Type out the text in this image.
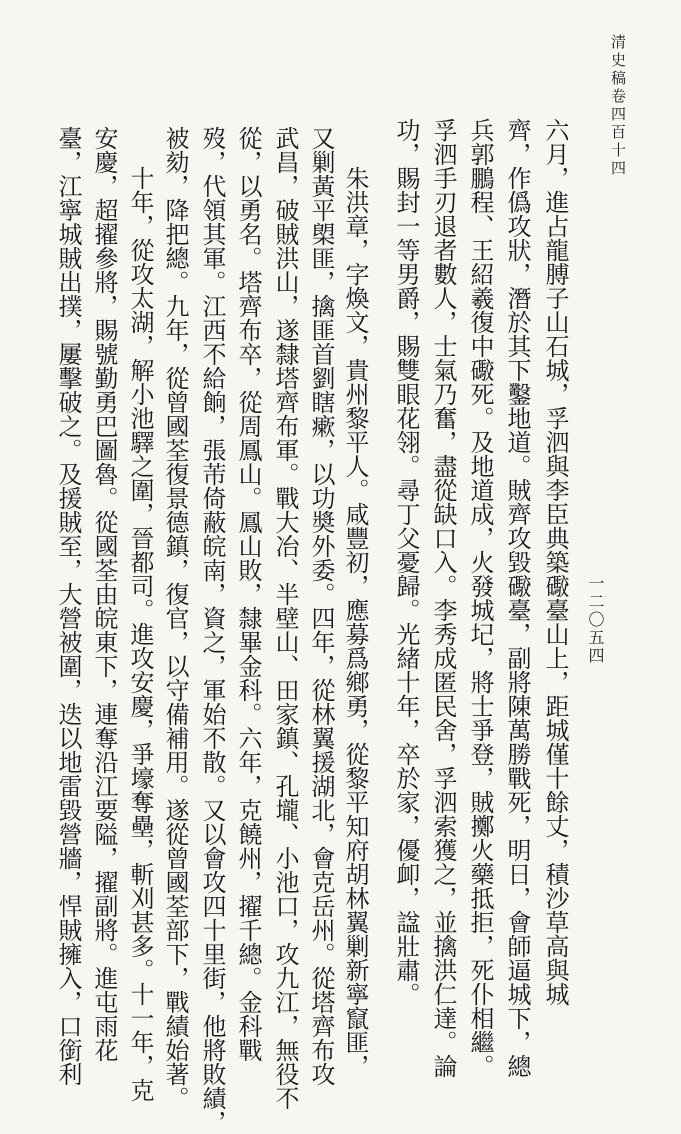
清史稿卷四百十四
一二〇五四
六月，進占龍膊子山石城，孚泗與李臣典築礮臺山上，距城僅十餘丈，積沙草高與城
齊，作僞攻狀，潛於其下鑿地道。賊齊攻毀礮臺，副將陳萬勝戰死，明日，會師逼城下，總
兵郭鵬程、王紹羲復中礮死。及地道成，火發城圮，將士爭登，賊擲火藥抵拒，死仆相繼。
孚泗手刃退者數人，士氣乃奮，盡從缺口入。李秀成匿民舍，孚泗索獲之，並擒洪仁達。論
功，賜封一等男爵，賜雙眼花翎。尋丁父憂歸。光緒十年，卒於家，優卹，諡壯肅。
朱洪章，字煥文，貴州黎平人。咸豐初，應募爲鄉勇，從黎平知府胡林翼剿新寧竄匪，
又剿黃平㮾匪，擒匪首劉瞎瘶，以功奬外委。四年，從林翼援湖北，會克岳州。從塔齊布攻
武昌，破賊洪山，遂隸塔齊布軍。戰大冶、半壁山、田家鎮、孔壠、小池口，攻九江，無役不
從，以勇名。塔齊布卒，從周鳳山。鳳山敗，隸畢金科。六年，克饒州，擢千總。金科戰
歿，代領其軍。江西不給餉，張芾倚蔽皖南，資之，軍始不散。又以會攻四十里街，他將敗績，
被劾，降把總。九年，從曾國荃復景德鎮，復官，以守備補用。遂從曾國荃部下，戰績始著。
十年，從攻太湖，解小池驛之圍，晉都司。進攻安慶，爭壕奪壘，斬刈甚多。十一年，克
安慶，超擢參將，賜號勤勇巴圖魯。從國荃由皖東下，連奪沿江要隘，擢副將。進屯雨花
臺，江寧城賊出撲，屢擊破之。及援賊至，大營被圍，迭以地雷毀營牆，悍賊擁入，口銜利
